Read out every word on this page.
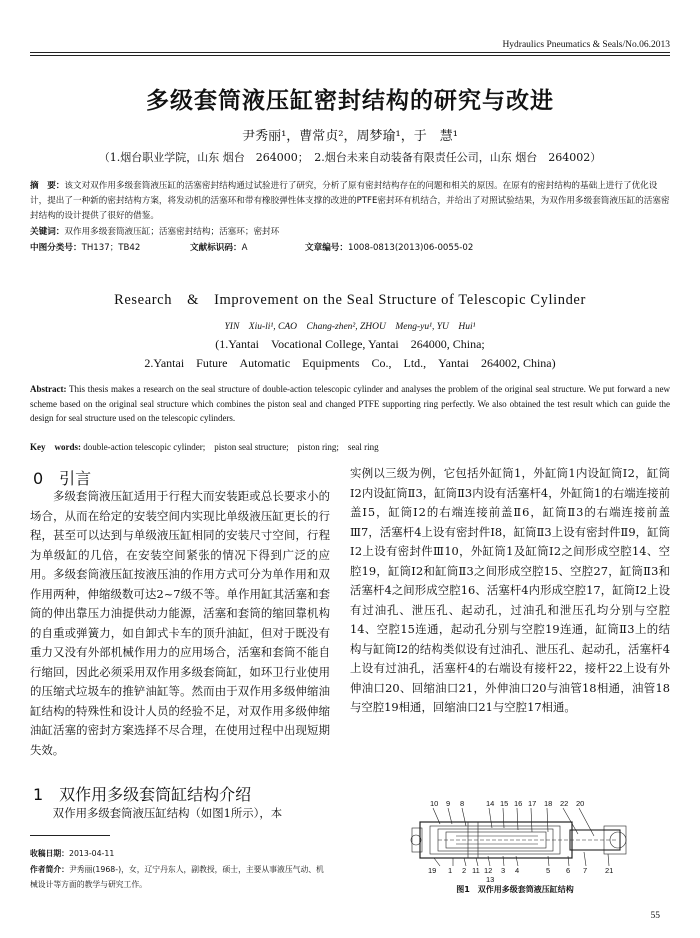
Hydraulics Pneumatics & Seals/No.06.2013
多级套筒液压缸密封结构的研究与改进
尹秀丽¹，曹常贞²，周梦瑜¹，于　慧¹
（1.烟台职业学院，山东 烟台　264000；　2.烟台未来自动装备有限责任公司，山东 烟台　264002）
摘　要：该文对双作用多级套筒液压缸的活塞密封结构通过试验进行了研究，分析了原有密封结构存在的问题和相关的原因。在原有的密封结构的基础上进行了优化设计，提出了一种新的密封结构方案，将发动机的活塞环和带有橡胶弹性体支撑的改进的PTFE密封环有机结合，并给出了对照试验结果，为双作用多级套筒液压缸的活塞密封结构的设计提供了很好的借鉴。
关键词：双作用多级套筒液压缸；活塞密封结构；活塞环；密封环
中图分类号：TH137；TB42	文献标识码：A	文章编号：1008-0813(2013)06-0055-02
Research　&　Improvement on the Seal Structure of Telescopic Cylinder
YIN　Xiu-li¹, CAO　Chang-zhen², ZHOU　Meng-yu¹, YU　Hui¹
(1.Yantai　Vocational College, Yantai　264000, China;
2.Yantai　Future　Automatic　Equipments　Co.,　Ltd.,　Yantai　264002, China)
Abstract: This thesis makes a research on the seal structure of double-action telescopic cylinder and analyses the problem of the original seal structure. We put forward a new scheme based on the original seal structure which combines the piston seal and changed PTFE supporting ring perfectly. We also obtained the test result which can guide the design for seal structure used on the telescopic cylinders.
Key　words: double-action telescopic cylinder;　piston seal structure;　piston ring;　seal ring
0　引言
多级套筒液压缸适用于行程大而安装距或总长要求小的场合，从而在给定的安装空间内实现比单级液压缸更长的行程，甚至可以达到与单级液压缸相同的安装尺寸空间，行程为单级缸的几倍，在安装空间紧张的情况下得到广泛的应用。多级套筒液压缸按液压油的作用方式可分为单作用和双作用两种，伸缩级数可达2~7级不等。单作用缸其活塞和套筒的伸出靠压力油提供动力能源，活塞和套筒的缩回靠机构的自重或弹簧力，如自卸式卡车的顶升油缸，但对于既没有重力又没有外部机械作用力的应用场合，活塞和套筒不能自行缩回，因此必须采用双作用多级套筒缸，如环卫行业使用的压缩式垃圾车的推铲油缸等。然而由于双作用多级伸缩油缸结构的特殊性和设计人员的经验不足，对双作用多级伸缩油缸活塞的密封方案选择不尽合理，在使用过程中出现短期失效。
1　双作用多级套筒缸结构介绍
双作用多级套筒液压缸结构（如图1所示），本
实例以三级为例，它包括外缸筒1，外缸筒1内设缸筒Ⅰ2，缸筒Ⅰ2内设缸筒Ⅱ3，缸筒Ⅱ3内设有活塞杆4，外缸筒1的右端连接前盖Ⅰ5，缸筒Ⅰ2的右端连接前盖Ⅱ6，缸筒Ⅱ3的右端连接前盖Ⅲ7，活塞杆4上设有密封件Ⅰ8，缸筒Ⅱ3上设有密封件Ⅱ9，缸筒Ⅰ2上设有密封件Ⅲ10，外缸筒1及缸筒Ⅰ2之间形成空腔14、空腔19，缸筒Ⅰ2和缸筒Ⅱ3之间形成空腔15、空腔27，缸筒Ⅱ3和活塞杆4之间形成空腔16、活塞杆4内形成空腔17，缸筒Ⅰ2上设有过油孔、泄压孔、起动孔，过油孔和泄压孔均分别与空腔14、空腔15连通，起动孔分别与空腔19连通，缸筒Ⅱ3上的结构与缸筒Ⅰ2的结构类似设有过油孔、泄压孔、起动孔，活塞杆4上设有过油孔，活塞杆4的右端设有接杆22，接杆22上设有外伸油口20、回缩油口21，外伸油口20与油管18相通，油管18与空腔19相通，回缩油口21与空腔17相通。
10 9 8	14 15 16 17 18 22 20
19 1 2 11 12 3 4	5 6 7 21
13
图1　双作用多级套筒液压缸结构
收稿日期：2013-04-11
作者简介：尹秀丽(1968-)，女，辽宁丹东人，副教授，硕士，主要从事液压气动、机械设计等方面的教学与研究工作。
55
